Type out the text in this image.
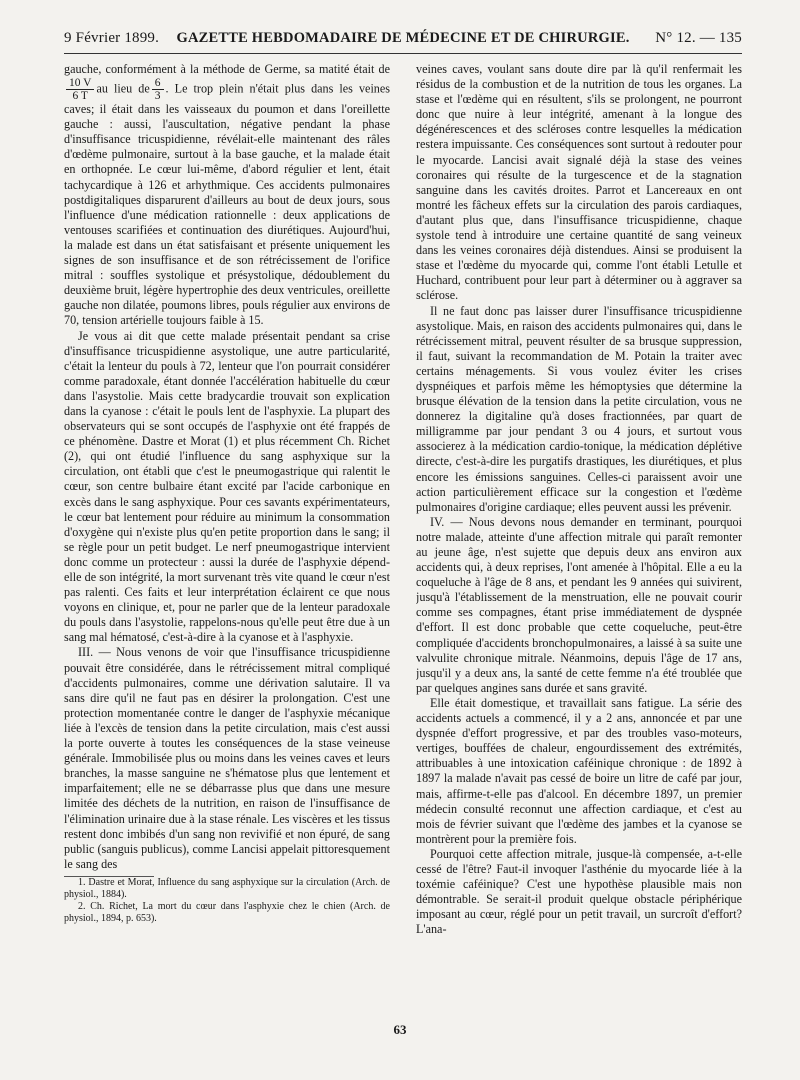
9 Février 1899.	GAZETTE HEBDOMADAIRE DE MÉDECINE ET DE CHIRURGIE.	N° 12. — 135

gauche, conformément à la méthode de Germe, sa matité était de
$\frac{10 V}{6 T}$ au lieu de $\frac{6}{3}$ . Le trop plein n'était plus dans les veines caves; il était dans les vaisseaux du poumon et dans l'oreillette gauche : aussi, l'auscultation, négative pendant la phase d'insuffisance tricuspidienne, révélait-elle maintenant des râles d'œdème pulmonaire, surtout à la base gauche, et la malade était en orthopnée. Le cœur lui-même, d'abord régulier et lent, était tachycardique à 126 et arhythmique. Ces accidents pulmonaires postdigitaliques disparurent d'ailleurs au bout de deux jours, sous l'influence d'une médication rationnelle : deux applications de ventouses scarifiées et continuation des diurétiques. Aujourd'hui, la malade est dans un état satisfaisant et présente uniquement les signes de son insuffisance et de son rétrécissement de l'orifice mitral : souffles systolique et présystolique, dédoublement du deuxième bruit, légère hypertrophie des deux ventricules, oreillette gauche non dilatée, poumons libres, pouls régulier aux environs de 70, tension artérielle toujours faible à 15.

Je vous ai dit que cette malade présentait pendant sa crise d'insuffisance tricuspidienne asystolique, une autre particularité, c'était la lenteur du pouls à 72, lenteur que l'on pourrait considérer comme paradoxale, étant donnée l'accélération habituelle du cœur dans l'asystolie. Mais cette bradycardie trouvait son explication dans la cyanose : c'était le pouls lent de l'asphyxie. La plupart des observateurs qui se sont occupés de l'asphyxie ont été frappés de ce phénomène. Dastre et Morat (1) et plus récemment Ch. Richet (2), qui ont étudié l'influence du sang asphyxique sur la circulation, ont établi que c'est le pneumogastrique qui ralentit le cœur, son centre bulbaire étant excité par l'acide carbonique en excès dans le sang asphyxique. Pour ces savants expérimentateurs, le cœur bat lentement pour réduire au minimum la consommation d'oxygène qui n'existe plus qu'en petite proportion dans le sang; il se règle pour un petit budget. Le nerf pneumogastrique intervient donc comme un protecteur : aussi la durée de l'asphyxie dépend-elle de son intégrité, la mort survenant très vite quand le cœur n'est pas ralenti. Ces faits et leur interprétation éclairent ce que nous voyons en clinique, et, pour ne parler que de la lenteur paradoxale du pouls dans l'asystolie, rappelons-nous qu'elle peut être due à un sang mal hématosé, c'est-à-dire à la cyanose et à l'asphyxie.

III. — Nous venons de voir que l'insuffisance tricuspidienne pouvait être considérée, dans le rétrécissement mitral compliqué d'accidents pulmonaires, comme une dérivation salutaire. Il va sans dire qu'il ne faut pas en désirer la prolongation. C'est une protection momentanée contre le danger de l'asphyxie mécanique liée à l'excès de tension dans la petite circulation, mais c'est aussi la porte ouverte à toutes les conséquences de la stase veineuse générale. Immobilisée plus ou moins dans les veines caves et leurs branches, la masse sanguine ne s'hématose plus que lentement et imparfaitement; elle ne se débarrasse plus que dans une mesure limitée des déchets de la nutrition, en raison de l'insuffisance de l'élimination urinaire due à la stase rénale. Les viscères et les tissus restent donc imbibés d'un sang non revivifié et non épuré, de sang public (sanguis publicus), comme Lancisi appelait pittoresquement le sang des

1. Dastre et Morat, Influence du sang asphyxique sur la circulation (Arch. de physiol., 1884).

2. Ch. Richet, La mort du cœur dans l'asphyxie chez le chien (Arch. de physiol., 1894, p. 653).

veines caves, voulant sans doute dire par là qu'il renfermait les résidus de la combustion et de la nutrition de tous les organes. La stase et l'œdème qui en résultent, s'ils se prolongent, ne pourront donc que nuire à leur intégrité, amenant à la longue des dégénérescences et des scléroses contre lesquelles la médication restera impuissante. Ces conséquences sont surtout à redouter pour le myocarde. Lancisi avait signalé déjà la stase des veines coronaires qui résulte de la turgescence et de la stagnation sanguine dans les cavités droites. Parrot et Lancereaux en ont montré les fâcheux effets sur la circulation des parois cardiaques, d'autant plus que, dans l'insuffisance tricuspidienne, chaque systole tend à introduire une certaine quantité de sang veineux dans les veines coronaires déjà distendues. Ainsi se produisent la stase et l'œdème du myocarde qui, comme l'ont établi Letulle et Huchard, contribuent pour leur part à déterminer ou à aggraver sa sclérose.

Il ne faut donc pas laisser durer l'insuffisance tricuspidienne asystolique. Mais, en raison des accidents pulmonaires qui, dans le rétrécissement mitral, peuvent résulter de sa brusque suppression, il faut, suivant la recommandation de M. Potain la traiter avec certains ménagements. Si vous voulez éviter les crises dyspnéiques et parfois même les hémoptysies que détermine la brusque élévation de la tension dans la petite circulation, vous ne donnerez la digitaline qu'à doses fractionnées, par quart de milligramme par jour pendant 3 ou 4 jours, et surtout vous associerez à la médication cardio-tonique, la médication déplétive directe, c'est-à-dire les purgatifs drastiques, les diurétiques, et plus encore les émissions sanguines. Celles-ci paraissent avoir une action particulièrement efficace sur la congestion et l'œdème pulmonaires d'origine cardiaque; elles peuvent aussi les prévenir.

IV. — Nous devons nous demander en terminant, pourquoi notre malade, atteinte d'une affection mitrale qui paraît remonter au jeune âge, n'est sujette que depuis deux ans environ aux accidents qui, à deux reprises, l'ont amenée à l'hôpital. Elle a eu la coqueluche à l'âge de 8 ans, et pendant les 9 années qui suivirent, jusqu'à l'établissement de la menstruation, elle ne pouvait courir comme ses compagnes, étant prise immédiatement de dyspnée d'effort. Il est donc probable que cette coqueluche, peut-être compliquée d'accidents bronchopulmonaires, a laissé à sa suite une valvulite chronique mitrale. Néanmoins, depuis l'âge de 17 ans, jusqu'il y a deux ans, la santé de cette femme n'a été troublée que par quelques angines sans durée et sans gravité.

Elle était domestique, et travaillait sans fatigue. La série des accidents actuels a commencé, il y a 2 ans, annoncée et par une dyspnée d'effort progressive, et par des troubles vaso-moteurs, vertiges, bouffées de chaleur, engourdissement des extrémités, attribuables à une intoxication caféinique chronique : de 1892 à 1897 la malade n'avait pas cessé de boire un litre de café par jour, mais, affirme-t-elle pas d'alcool. En décembre 1897, un premier médecin consulté reconnut une affection cardiaque, et c'est au mois de février suivant que l'œdème des jambes et la cyanose se montrèrent pour la première fois.

Pourquoi cette affection mitrale, jusque-là compensée, a-t-elle cessé de l'être? Faut-il invoquer l'asthénie du myocarde liée à la toxémie caféinique? C'est une hypothèse plausible mais non démontrable. Se serait-il produit quelque obstacle périphérique imposant au cœur, réglé pour un petit travail, un surcroît d'effort? L'ana-

63
